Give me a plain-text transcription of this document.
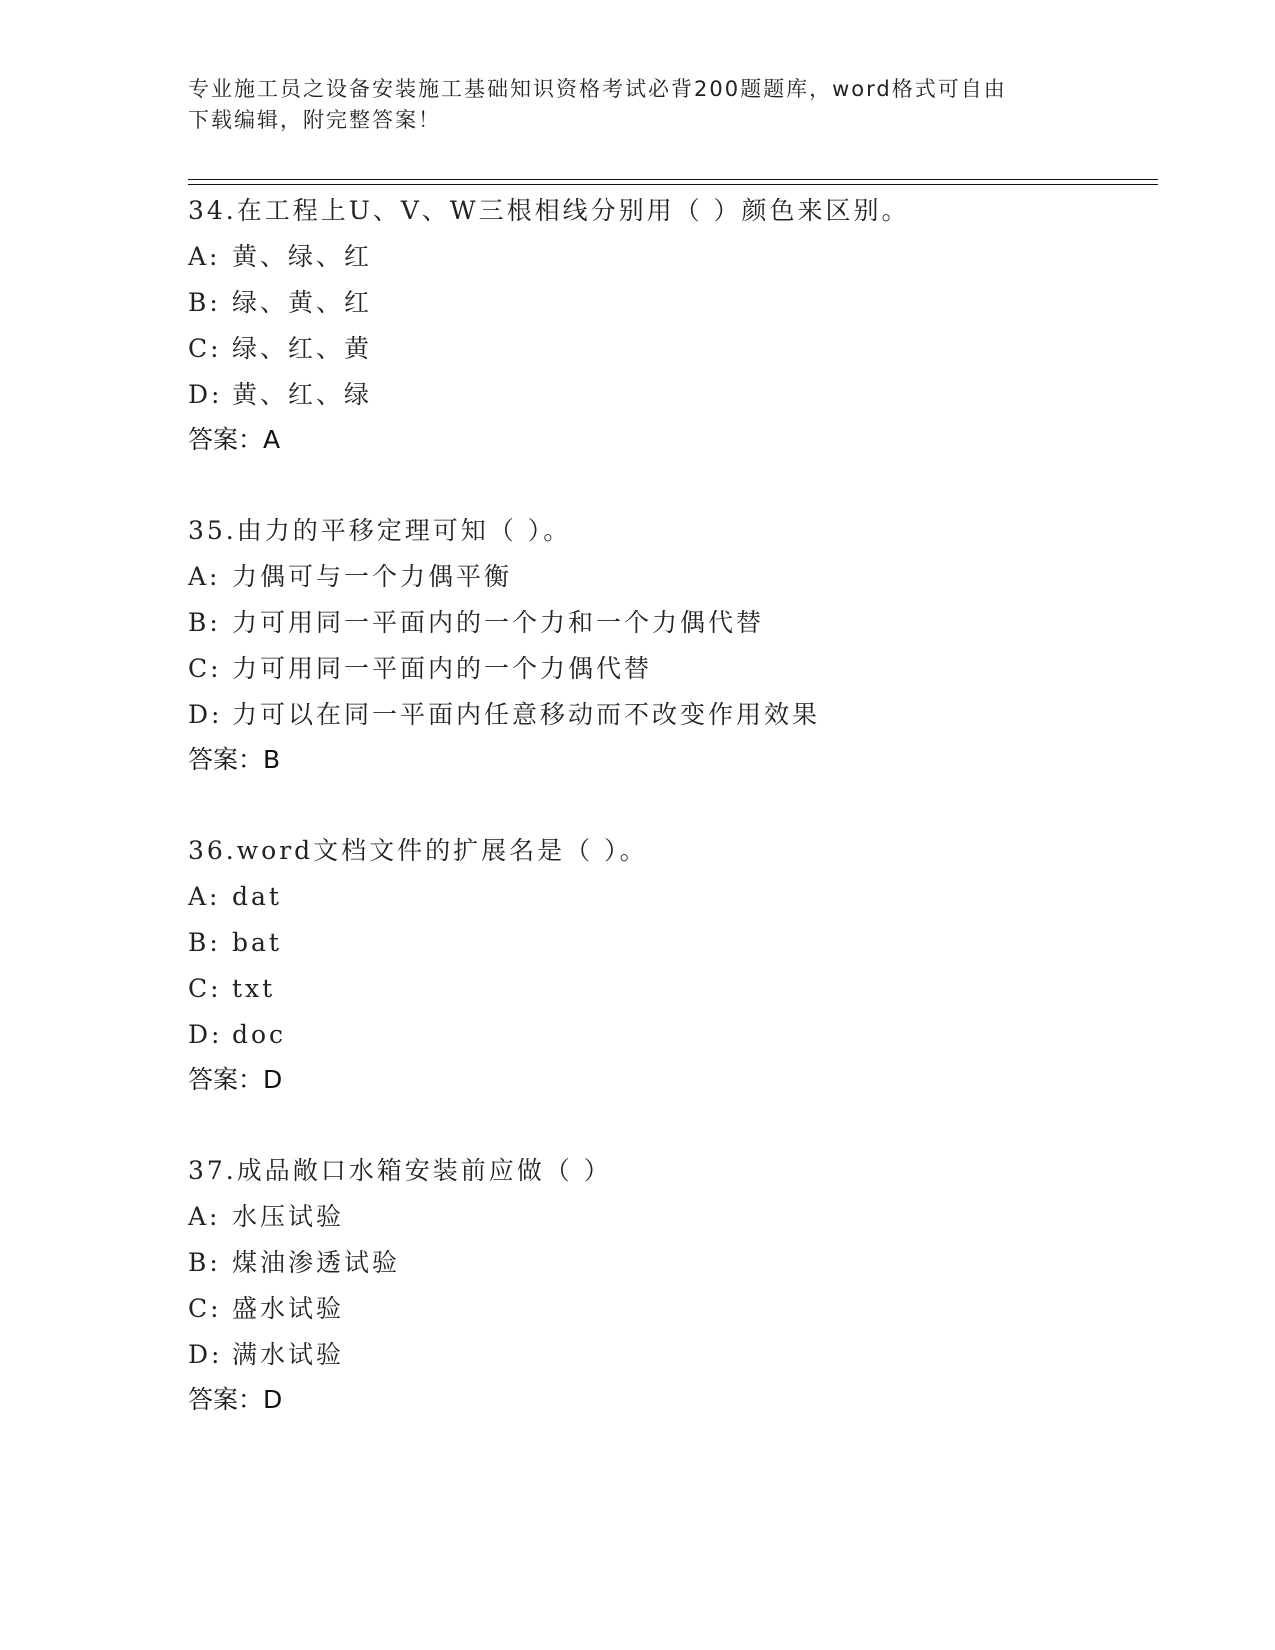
专业施工员之设备安装施工基础知识资格考试必背200题题库，word格式可自由
下载编辑，附完整答案！
34.在工程上U、V、W三根相线分别用（ ）颜色来区别。
A: 黄、绿、红
B: 绿、黄、红
C: 绿、红、黄
D: 黄、红、绿
答案：A
35.由力的平移定理可知（ ）。
A: 力偶可与一个力偶平衡
B: 力可用同一平面内的一个力和一个力偶代替
C: 力可用同一平面内的一个力偶代替
D: 力可以在同一平面内任意移动而不改变作用效果
答案：B
36.word文档文件的扩展名是（ ）。
A: dat
B: bat
C: txt
D: doc
答案：D
37.成品敞口水箱安装前应做（ ）
A: 水压试验
B: 煤油渗透试验
C: 盛水试验
D: 满水试验
答案：D
